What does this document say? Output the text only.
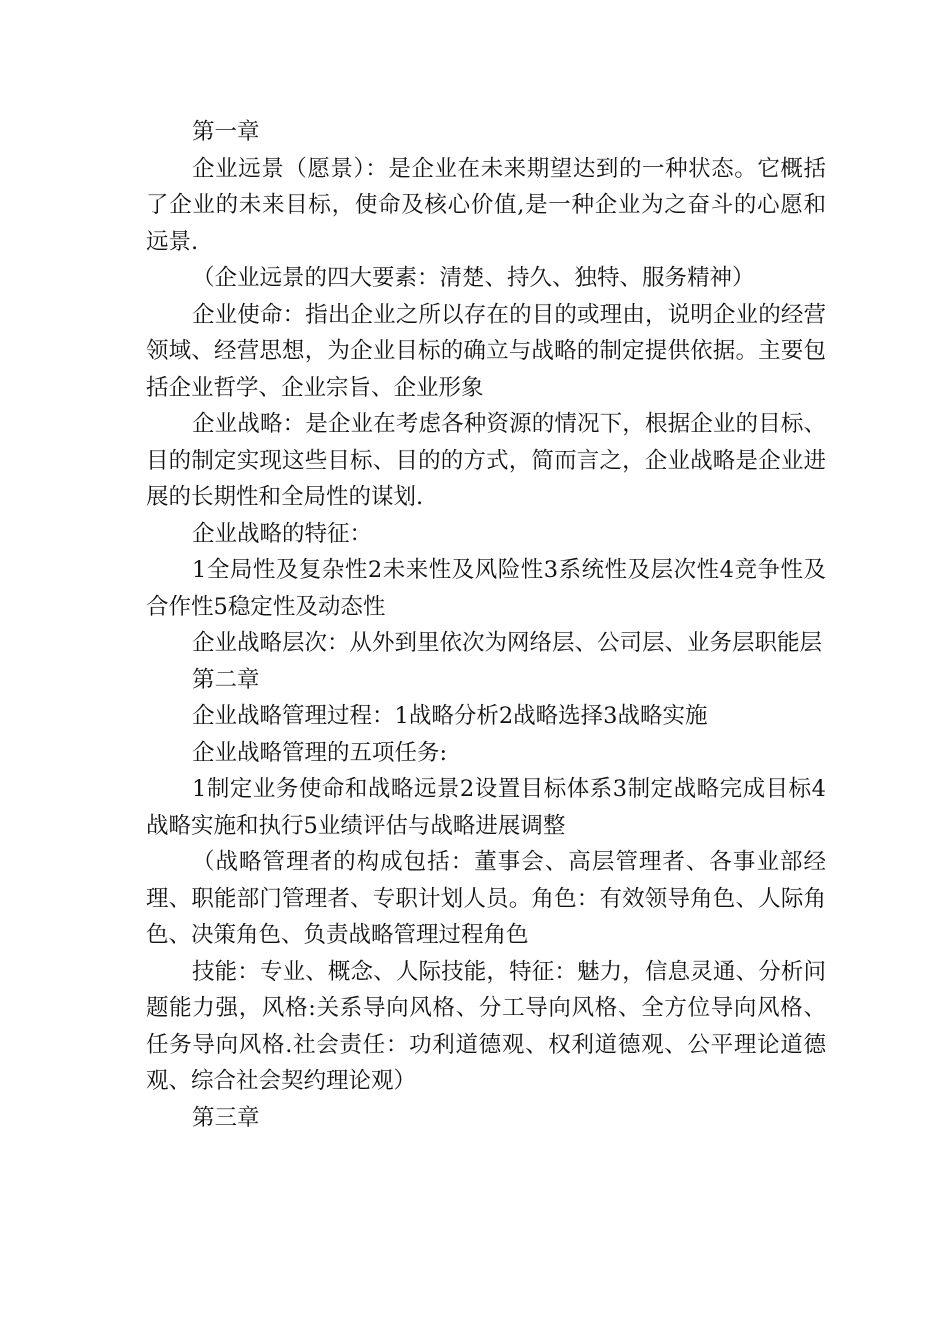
第一章

企业远景（愿景）：是企业在未来期望达到的一种状态。它概括了企业的未来目标，使命及核心价值,是一种企业为之奋斗的心愿和远景.

（企业远景的四大要素：清楚、持久、独特、服务精神）

企业使命：指出企业之所以存在的目的或理由，说明企业的经营领域、经营思想，为企业目标的确立与战略的制定提供依据。主要包括企业哲学、企业宗旨、企业形象

企业战略：是企业在考虑各种资源的情况下，根据企业的目标、目的制定实现这些目标、目的的方式，简而言之，企业战略是企业进展的长期性和全局性的谋划.

企业战略的特征：

1全局性及复杂性2未来性及风险性3系统性及层次性4竞争性及合作性5稳定性及动态性

企业战略层次：从外到里依次为网络层、公司层、业务层职能层

第二章

企业战略管理过程：1战略分析2战略选择3战略实施

企业战略管理的五项任务:

1制定业务使命和战略远景2设置目标体系3制定战略完成目标4战略实施和执行5业绩评估与战略进展调整

（战略管理者的构成包括：董事会、高层管理者、各事业部经理、职能部门管理者、专职计划人员。角色：有效领导角色、人际角色、决策角色、负责战略管理过程角色

技能：专业、概念、人际技能，特征：魅力，信息灵通、分析问题能力强，风格:关系导向风格、分工导向风格、全方位导向风格、任务导向风格.社会责任：功利道德观、权利道德观、公平理论道德观、综合社会契约理论观）

第三章
